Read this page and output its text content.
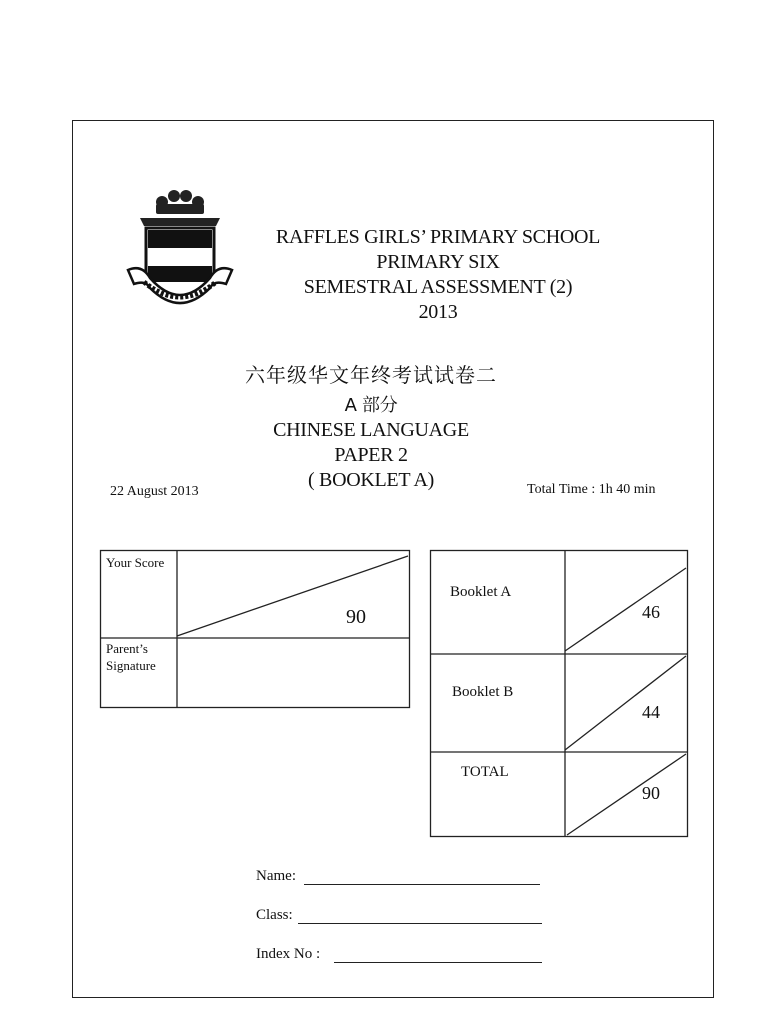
RAFFLES GIRLS’ PRIMARY SCHOOL
PRIMARY SIX
SEMESTRAL ASSESSMENT (2)
2013
六年级华文年终考试试卷二
A 部分
CHINESE LANGUAGE
PAPER 2
( BOOKLET A)
22 August 2013	Total Time : 1h 40 min
Your Score
90
Parent’s Signature
Booklet A
46
Booklet B
44
TOTAL
90
Name:
Class:
Index No :
